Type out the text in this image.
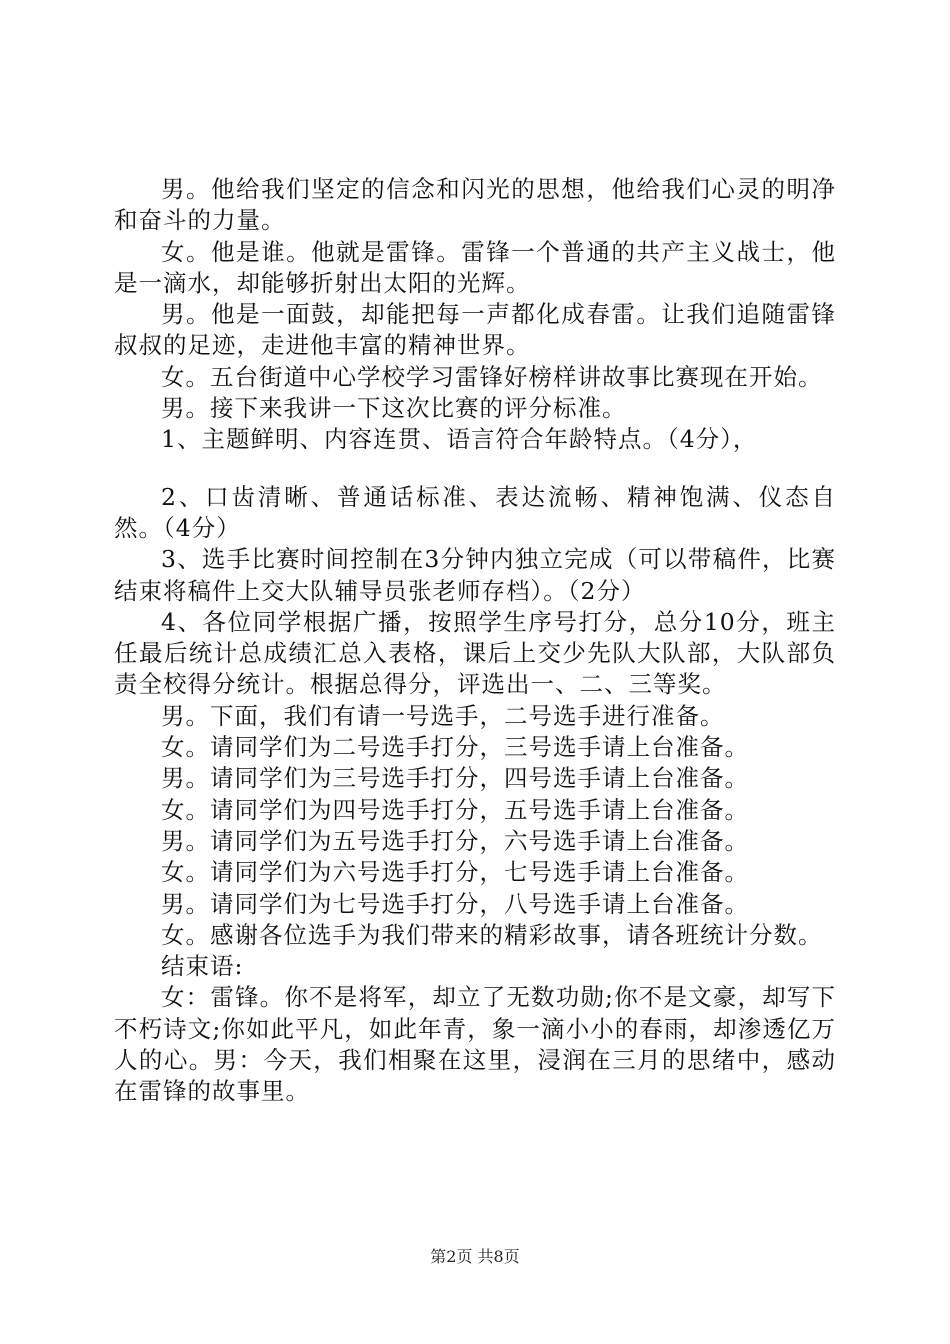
男。他给我们坚定的信念和闪光的思想，他给我们心灵的明净和奋斗的力量。

女。他是谁。他就是雷锋。雷锋一个普通的共产主义战士，他是一滴水，却能够折射出太阳的光辉。

男。他是一面鼓，却能把每一声都化成春雷。让我们追随雷锋叔叔的足迹，走进他丰富的精神世界。

女。五台街道中心学校学习雷锋好榜样讲故事比赛现在开始。

男。接下来我讲一下这次比赛的评分标准。

1、主题鲜明、内容连贯、语言符合年龄特点。（4分），

2、口齿清晰、普通话标准、表达流畅、精神饱满、仪态自然。（4分）

3、选手比赛时间控制在3分钟内独立完成（可以带稿件，比赛结束将稿件上交大队辅导员张老师存档）。（2分）

4、各位同学根据广播，按照学生序号打分，总分10分，班主任最后统计总成绩汇总入表格，课后上交少先队大队部，大队部负责全校得分统计。根据总得分，评选出一、二、三等奖。

男。下面，我们有请一号选手，二号选手进行准备。

女。请同学们为二号选手打分，三号选手请上台准备。

男。请同学们为三号选手打分，四号选手请上台准备。

女。请同学们为四号选手打分，五号选手请上台准备。

男。请同学们为五号选手打分，六号选手请上台准备。

女。请同学们为六号选手打分，七号选手请上台准备。

男。请同学们为七号选手打分，八号选手请上台准备。

女。感谢各位选手为我们带来的精彩故事，请各班统计分数。

结束语:

女：雷锋。你不是将军，却立了无数功勋;你不是文豪，却写下不朽诗文;你如此平凡，如此年青，象一滴小小的春雨，却渗透亿万人的心。男：今天，我们相聚在这里，浸润在三月的思绪中，感动在雷锋的故事里。

第2页 共8页
